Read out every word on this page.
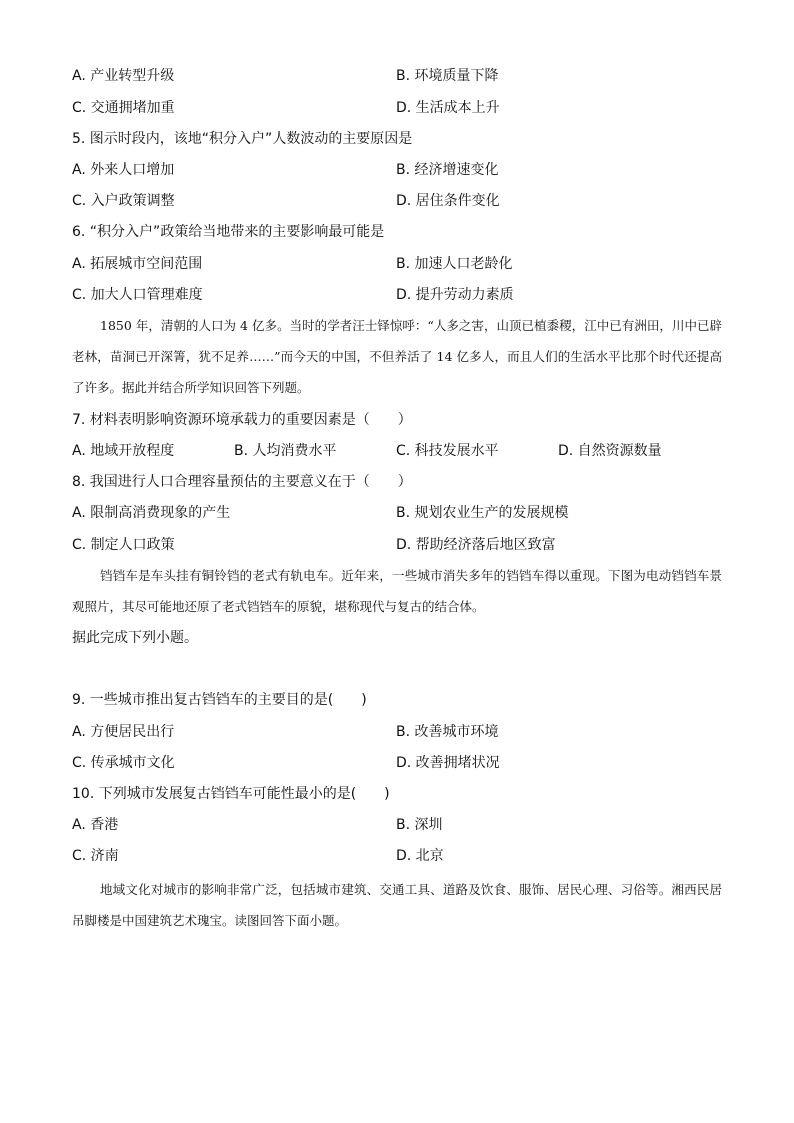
A. 产业转型升级	B. 环境质量下降
C. 交通拥堵加重	D. 生活成本上升
5. 图示时段内，该地“积分入户”人数波动的主要原因是
A. 外来人口增加	B. 经济增速变化
C. 入户政策调整	D. 居住条件变化
6. “积分入户”政策给当地带来的主要影响最可能是
A. 拓展城市空间范围	B. 加速人口老龄化
C. 加大人口管理难度	D. 提升劳动力素质
1850 年，清朝的人口为 4 亿多。当时的学者汪士铎惊呼：“人多之害，山顶已植黍稷，江中已有洲田，川中已辟老林，苗洞已开深箐，犹不足养……”而今天的中国，不但养活了 14 亿多人，而且人们的生活水平比那个时代还提高了许多。据此并结合所学知识回答下列题。
7. 材料表明影响资源环境承载力的重要因素是（　　）
A. 地域开放程度	B. 人均消费水平	C. 科技发展水平	D. 自然资源数量
8. 我国进行人口合理容量预估的主要意义在于（　　）
A. 限制高消费现象的产生	B. 规划农业生产的发展规模
C. 制定人口政策	D. 帮助经济落后地区致富
铛铛车是车头挂有铜铃铛的老式有轨电车。近年来，一些城市消失多年的铛铛车得以重现。下图为电动铛铛车景观照片，其尽可能地还原了老式铛铛车的原貌，堪称现代与复古的结合体。
据此完成下列小题。
9. 一些城市推出复古铛铛车的主要目的是(　　)
A. 方便居民出行	B. 改善城市环境
C. 传承城市文化	D. 改善拥堵状况
10. 下列城市发展复古铛铛车可能性最小的是(　　)
A. 香港	B. 深圳
C. 济南	D. 北京
地域文化对城市的影响非常广泛，包括城市建筑、交通工具、道路及饮食、服饰、居民心理、习俗等。湘西民居吊脚楼是中国建筑艺术瑰宝。读图回答下面小题。
